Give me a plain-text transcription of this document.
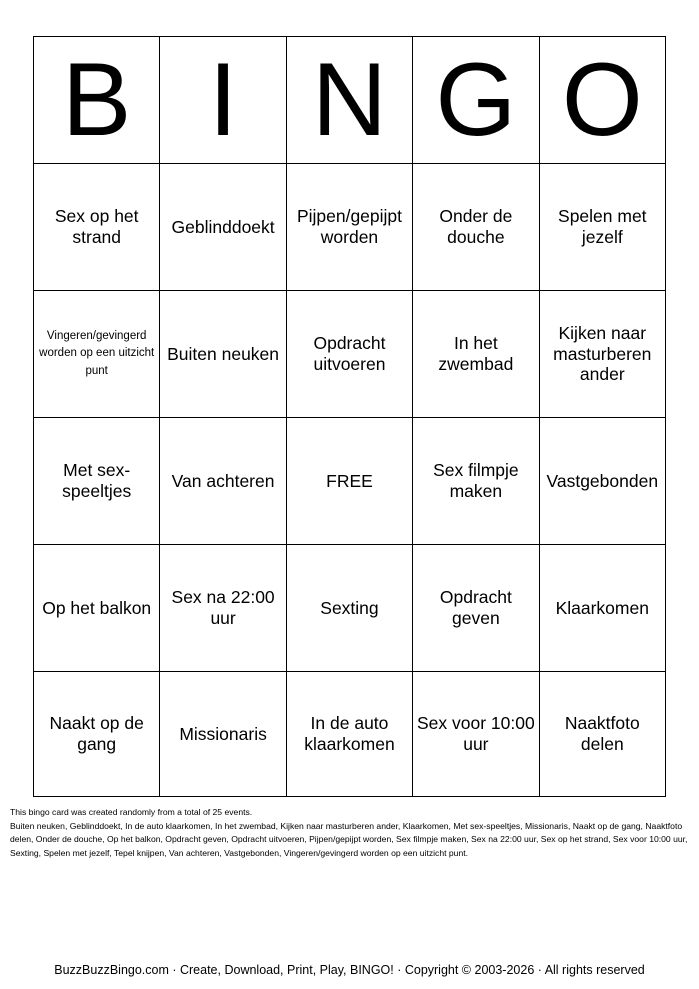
B	I	N	G	O
Sex op het strand	Geblinddoekt	Pijpen/gepijpt worden	Onder de douche	Spelen met jezelf
Vingeren/gevingerd worden op een uitzicht punt	Buiten neuken	Opdracht uitvoeren	In het zwembad	Kijken naar masturberen ander
Met sex-speeltjes	Van achteren	FREE	Sex filmpje maken	Vastgebonden
Op het balkon	Sex na 22:00 uur	Sexting	Opdracht geven	Klaarkomen
Naakt op de gang	Missionaris	In de auto klaarkomen	Sex voor 10:00 uur	Naaktfoto delen
This bingo card was created randomly from a total of 25 events.
Buiten neuken, Geblinddoekt, In de auto klaarkomen, In het zwembad, Kijken naar masturberen ander, Klaarkomen, Met sex-speeltjes, Missionaris, Naakt op de gang, Naaktfoto delen, Onder de douche, Op het balkon, Opdracht geven, Opdracht uitvoeren, Pijpen/gepijpt worden, Sex filmpje maken, Sex na 22:00 uur, Sex op het strand, Sex voor 10:00 uur, Sexting, Spelen met jezelf, Tepel knijpen, Van achteren, Vastgebonden, Vingeren/gevingerd worden op een uitzicht punt.
BuzzBuzzBingo.com · Create, Download, Print, Play, BINGO! · Copyright © 2003-2026 · All rights reserved
